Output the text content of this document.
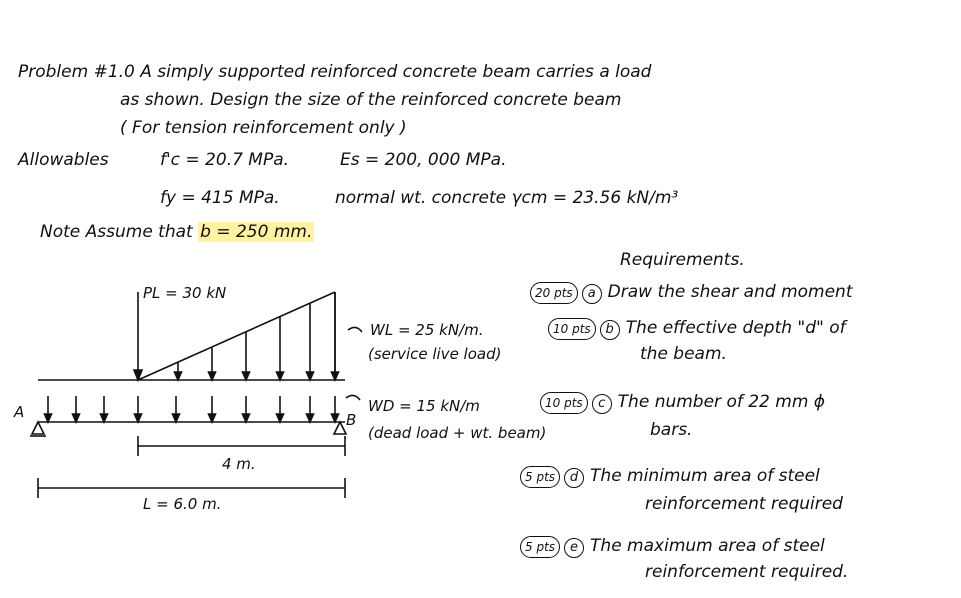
Problem #1.0 A simply supported reinforced concrete beam carries a load
as shown. Design the size of the reinforced concrete beam
( For tension reinforcement only )
Allowables	f'c = 20.7 MPa.	Es = 200, 000 MPa.
fy = 415 MPa.	normal wt. concrete γcm = 23.56 kN/m³
Note Assume that b = 250 mm.
PL = 30 kN
WL = 25 kN/m.
(service live load)
WD = 15 kN/m
(dead load + wt. beam)
A	B
4 m.
L = 6.0 m.
Requirements.
20 pts a Draw the shear and moment
10 pts b The effective depth "d" of
the beam.
10 pts c The number of 22 mm ϕ
bars.
5 pts d The minimum area of steel
reinforcement required
5 pts e The maximum area of steel
reinforcement required.
